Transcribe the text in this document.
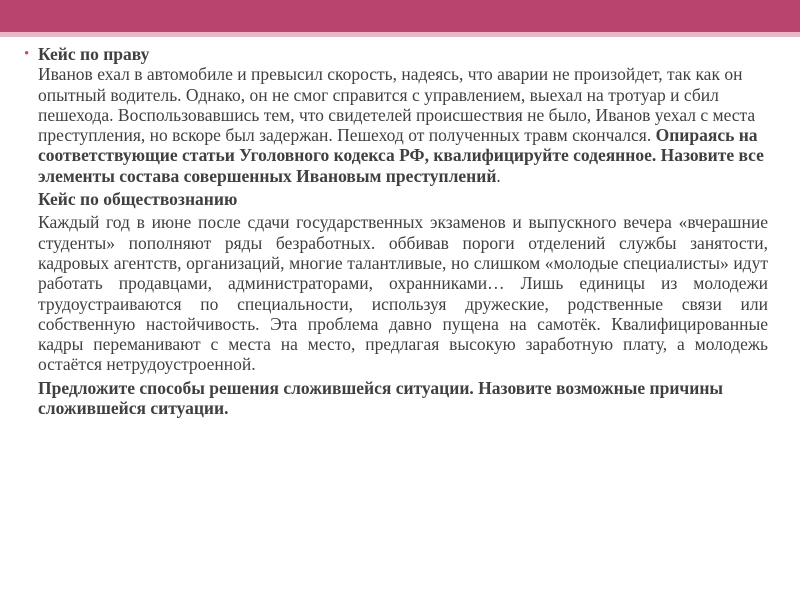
• Кейс по праву

Иванов ехал в автомобиле и превысил скорость, надеясь, что аварии не произойдет, так как он опытный водитель. Однако, он не смог справится с управлением, выехал на тротуар и сбил пешехода. Воспользовавшись тем, что свидетелей происшествия не было, Иванов уехал с места преступления, но вскоре был задержан. Пешеход от полученных травм скончался. Опираясь на соответствующие статьи Уголовного кодекса РФ, квалифицируйте содеянное. Назовите все элементы состава совершенных Ивановым преступлений.

Кейс по обществознанию

Каждый год в июне после сдачи государственных экзаменов и выпускного вечера «вчерашние студенты» пополняют ряды безработных. оббивав пороги отделений службы занятости, кадровых агентств, организаций, многие талантливые, но слишком «молодые специалисты» идут работать продавцами, администраторами, охранниками… Лишь единицы из молодежи трудоустраиваются по специальности, используя дружеские, родственные связи или собственную настойчивость. Эта проблема давно пущена на самотёк. Квалифицированные кадры переманивают с места на место, предлагая высокую заработную плату, а молодежь остаётся нетрудоустроенной.

Предложите способы решения сложившейся ситуации. Назовите возможные причины сложившейся ситуации.
